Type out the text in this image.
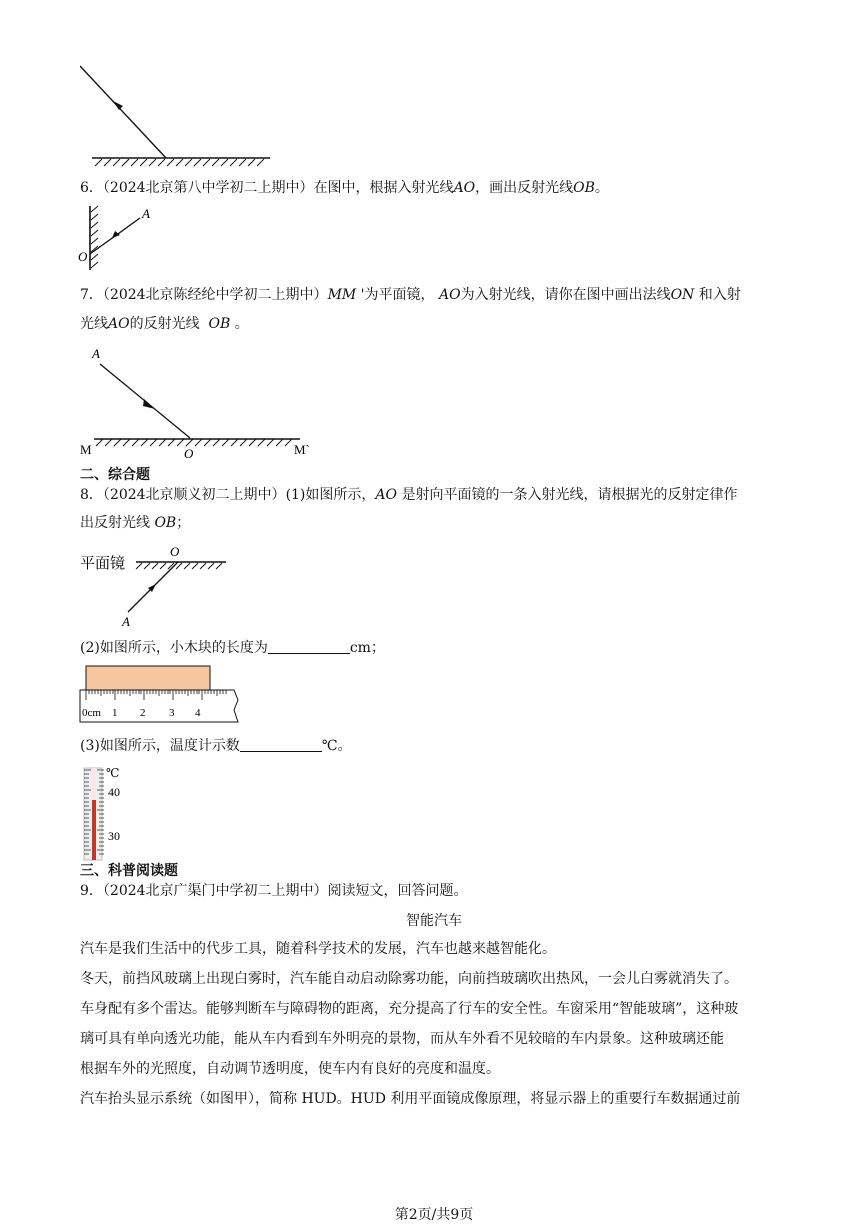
6．（2024北京第八中学初二上期中）在图中，根据入射光线AO，画出反射光线OB。
A
O
7．（2024北京陈经纶中学初二上期中）MM '为平面镜， AO为入射光线，请你在图中画出法线ON 和入射
光线AO的反射光线 OB 。
A
M	O	M`
二、综合题
8．（2024北京顺义初二上期中）(1)如图所示，AO 是射向平面镜的一条入射光线，请根据光的反射定律作
出反射光线 OB；
平面镜
O
A
(2)如图所示，小木块的长度为	cm；
0cm 1 2 3 4
(3)如图所示，温度计示数	℃。
℃
40
30
三、科普阅读题
9．（2024北京广渠门中学初二上期中）阅读短文，回答问题。
智能汽车
汽车是我们生活中的代步工具，随着科学技术的发展，汽车也越来越智能化。
冬天，前挡风玻璃上出现白雾时，汽车能自动启动除雾功能，向前挡玻璃吹出热风，一会儿白雾就消失了。
车身配有多个雷达。能够判断车与障碍物的距离，充分提高了行车的安全性。车窗采用“智能玻璃”，这种玻
璃可具有单向透光功能，能从车内看到车外明亮的景物，而从车外看不见较暗的车内景象。这种玻璃还能
根据车外的光照度，自动调节透明度，使车内有良好的亮度和温度。
汽车抬头显示系统（如图甲），简称 HUD。HUD 利用平面镜成像原理，将显示器上的重要行车数据通过前
第2页/共9页
